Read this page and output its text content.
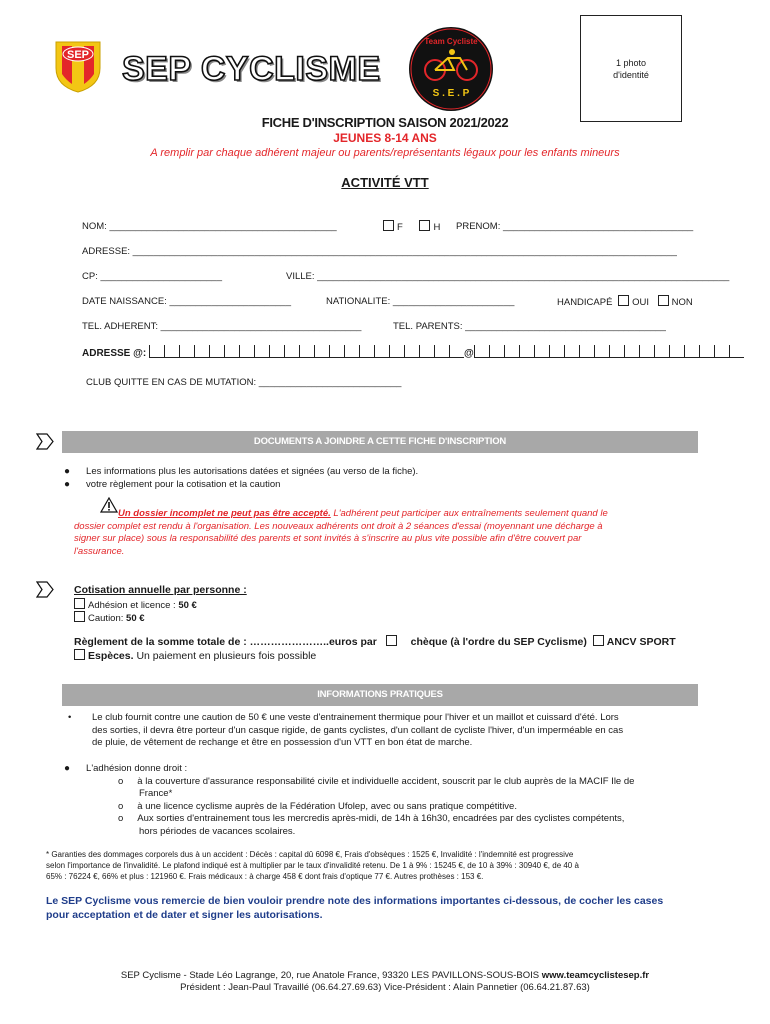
SEP SEP CYCLISME
Team Cycliste
S . E . P
1 photo
d'identité
FICHE D'INSCRIPTION SAISON 2021/2022
JEUNES 8-14 ANS
A remplir par chaque adhérent majeur ou parents/représentants légaux pour les enfants mineurs
ACTIVITÉ VTT
NOM: ___________________________________________	F	H PRENOM: ____________________________________
ADRESSE: _______________________________________________________________________________________________________
CP: _______________________	VILLE: ______________________________________________________________________________
DATE NAISSANCE: _______________________	NATIONALITE: _______________________	HANDICAPÉ OUI NON
TEL. ADHERENT: ______________________________________	TEL. PARENTS: ______________________________________
ADRESSE @:	@
CLUB QUITTE EN CAS DE MUTATION: ___________________________
DOCUMENTS A JOINDRE A CETTE FICHE D'INSCRIPTION
● Les informations plus les autorisations datées et signées (au verso de la fiche).
● votre règlement pour la cotisation et la caution
Un dossier incomplet ne peut pas être accepté. L'adhérent peut participer aux entraînements seulement quand le
dossier complet est rendu à l'organisation. Les nouveaux adhérents ont droit à 2 séances d'essai (moyennant une décharge à
signer sur place) sous la responsabilité des parents et sont invités à s'inscrire au plus vite possible afin d'être couvert par
l'assurance.
Cotisation annuelle par personne :
Adhésion et licence : 50 €
Caution: 50 €
Règlement de la somme totale de : …………………..euros par	chèque (à l'ordre du SEP Cyclisme) ANCV SPORT
Espèces. Un paiement en plusieurs fois possible
INFORMATIONS PRATIQUES
• Le club fournit contre une caution de 50 € une veste d'entrainement thermique pour l'hiver et un maillot et cuissard d'été. Lors
des sorties, il devra être porteur d'un casque rigide, de gants cyclistes, d'un collant de cycliste l'hiver, d'un imperméable en cas
de pluie, de vêtement de rechange et être en possession d'un VTT en bon état de marche.
● L'adhésion donne droit :
o à la couverture d'assurance responsabilité civile et individuelle accident, souscrit par le club auprès de la MACIF Ile de
France*
o à une licence cyclisme auprès de la Fédération Ufolep, avec ou sans pratique compétitive.
o Aux sorties d'entrainement tous les mercredis après-midi, de 14h à 16h30, encadrées par des cyclistes compétents,
hors périodes de vacances scolaires.
* Garanties des dommages corporels dus à un accident : Décès : capital dû 6098 €, Frais d'obsèques : 1525 €, Invalidité : l'indemnité est progressive
selon l'importance de l'invalidité. Le plafond indiqué est à multiplier par le taux d'invalidité retenu. De 1 à 9% : 15245 €, de 10 à 39% : 30940 €, de 40 à
65% : 76224 €, 66% et plus : 121960 €. Frais médicaux : à charge 458 € dont frais d'optique 77 €. Autres prothèses : 153 €.
Le SEP Cyclisme vous remercie de bien vouloir prendre note des informations importantes ci-dessous, de cocher les cases
pour acceptation et de dater et signer les autorisations.
SEP Cyclisme - Stade Léo Lagrange, 20, rue Anatole France, 93320 LES PAVILLONS-SOUS-BOIS www.teamcyclistesep.fr
Président : Jean-Paul Travaillé (06.64.27.69.63) Vice-Président : Alain Pannetier (06.64.21.87.63)
